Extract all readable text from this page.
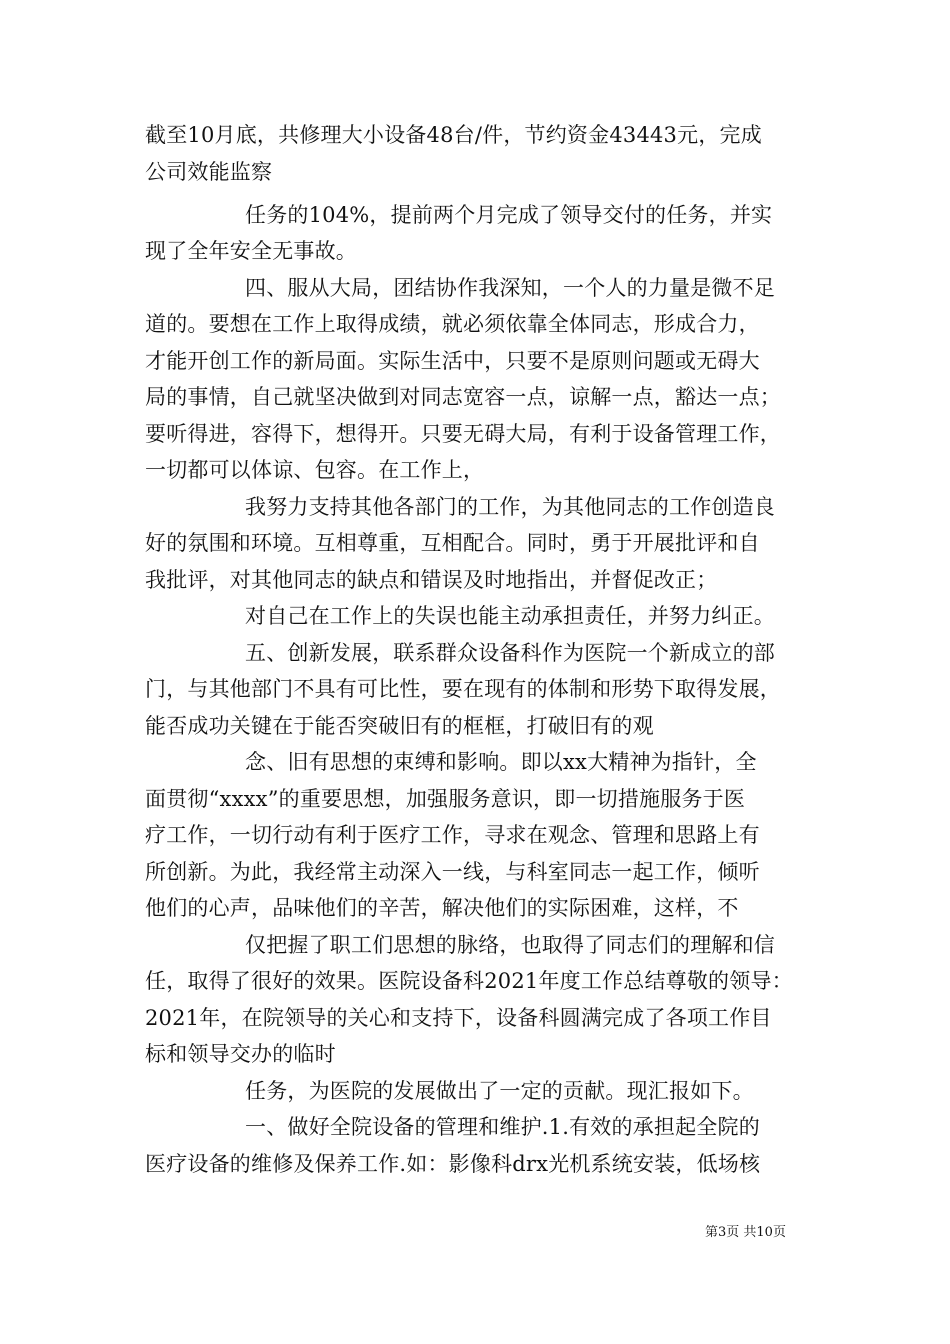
截至10月底，共修理大小设备48台/件，节约资金43443元，完成
公司效能监察
任务的104%，提前两个月完成了领导交付的任务，并实
现了全年安全无事故。
四、服从大局，团结协作我深知，一个人的力量是微不足
道的。要想在工作上取得成绩，就必须依靠全体同志，形成合力，
才能开创工作的新局面。实际生活中，只要不是原则问题或无碍大
局的事情，自己就坚决做到对同志宽容一点，谅解一点，豁达一点；
要听得进，容得下，想得开。只要无碍大局，有利于设备管理工作，
一切都可以体谅、包容。在工作上，
我努力支持其他各部门的工作，为其他同志的工作创造良
好的氛围和环境。互相尊重，互相配合。同时，勇于开展批评和自
我批评，对其他同志的缺点和错误及时地指出，并督促改正；
对自己在工作上的失误也能主动承担责任，并努力纠正。
五、创新发展，联系群众设备科作为医院一个新成立的部
门，与其他部门不具有可比性，要在现有的体制和形势下取得发展，
能否成功关键在于能否突破旧有的框框，打破旧有的观
念、旧有思想的束缚和影响。即以xx大精神为指针，全
面贯彻“xxxx”的重要思想，加强服务意识，即一切措施服务于医
疗工作，一切行动有利于医疗工作，寻求在观念、管理和思路上有
所创新。为此，我经常主动深入一线，与科室同志一起工作，倾听
他们的心声，品味他们的辛苦，解决他们的实际困难，这样，不
仅把握了职工们思想的脉络，也取得了同志们的理解和信
任，取得了很好的效果。医院设备科2021年度工作总结尊敬的领导：
2021年，在院领导的关心和支持下，设备科圆满完成了各项工作目
标和领导交办的临时
任务，为医院的发展做出了一定的贡献。现汇报如下。
一、做好全院设备的管理和维护.1.有效的承担起全院的
医疗设备的维修及保养工作.如：影像科drx光机系统安装，低场核
第3页 共10页
